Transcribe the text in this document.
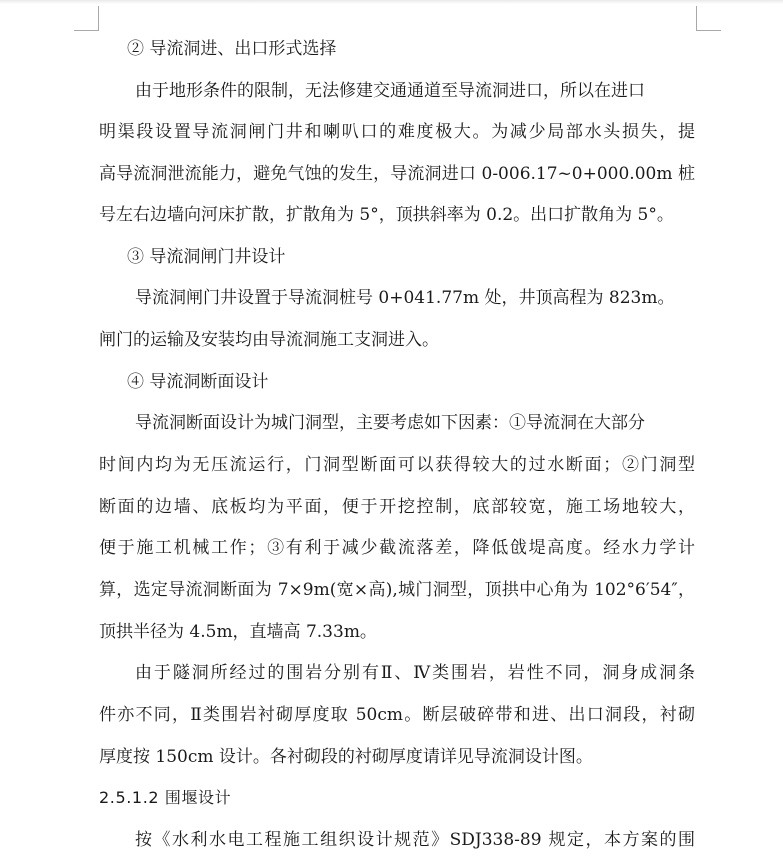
② 导流洞进、出口形式选择
由于地形条件的限制，无法修建交通通道至导流洞进口，所以在进口
明渠段设置导流洞闸门井和喇叭口的难度极大。为减少局部水头损失，提
高导流洞泄流能力，避免气蚀的发生，导流洞进口 0-006.17~0+000.00m 桩
号左右边墙向河床扩散，扩散角为 5°，顶拱斜率为 0.2。出口扩散角为 5°。
③ 导流洞闸门井设计
导流洞闸门井设置于导流洞桩号 0+041.77m 处，井顶高程为 823m。
闸门的运输及安装均由导流洞施工支洞进入。
④ 导流洞断面设计
导流洞断面设计为城门洞型，主要考虑如下因素：①导流洞在大部分
时间内均为无压流运行，门洞型断面可以获得较大的过水断面；②门洞型
断面的边墙、底板均为平面，便于开挖控制，底部较宽，施工场地较大，
便于施工机械工作；③有利于减少截流落差，降低戗堤高度。经水力学计
算，选定导流洞断面为 7×9m(宽×高),城门洞型，顶拱中心角为 102°6′54″，
顶拱半径为 4.5m，直墙高 7.33m。
由于隧洞所经过的围岩分别有Ⅱ、Ⅳ类围岩，岩性不同，洞身成洞条
件亦不同，Ⅱ类围岩衬砌厚度取 50cm。断层破碎带和进、出口洞段，衬砌
厚度按 150cm 设计。各衬砌段的衬砌厚度请详见导流洞设计图。
2.5.1.2 围堰设计
按《水利水电工程施工组织设计规范》SDJ338-89 规定，本方案的围
